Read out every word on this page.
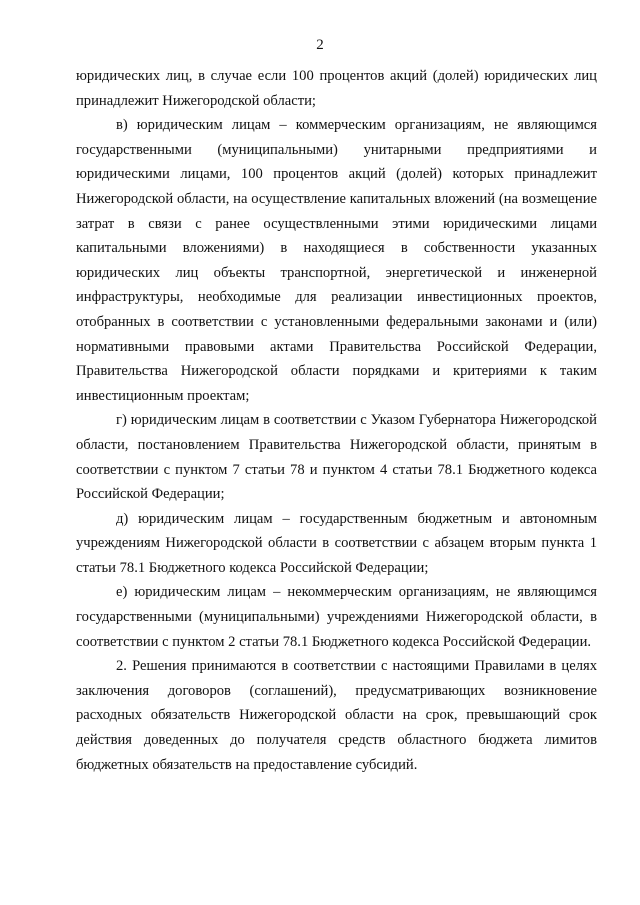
2

юридических лиц, в случае если 100 процентов акций (долей) юридических лиц принадлежит Нижегородской области;

в) юридическим лицам – коммерческим организациям, не являющимся государственными (муниципальными) унитарными предприятиями и юридическими лицами, 100 процентов акций (долей) которых принадлежит Нижегородской области, на осуществление капитальных вложений (на возмещение затрат в связи с ранее осуществленными этими юридическими лицами капитальными вложениями) в находящиеся в собственности указанных юридических лиц объекты транспортной, энергетической и инженерной инфраструктуры, необходимые для реализации инвестиционных проектов, отобранных в соответствии с установленными федеральными законами и (или) нормативными правовыми актами Правительства Российской Федерации, Правительства Нижегородской области порядками и критериями к таким инвестиционным проектам;

г) юридическим лицам в соответствии с Указом Губернатора Нижегородской области, постановлением Правительства Нижегородской области, принятым в соответствии с пунктом 7 статьи 78 и пунктом 4 статьи 78.1 Бюджетного кодекса Российской Федерации;

д) юридическим лицам – государственным бюджетным и автономным учреждениям Нижегородской области в соответствии с абзацем вторым пункта 1 статьи 78.1 Бюджетного кодекса Российской Федерации;

е) юридическим лицам – некоммерческим организациям, не являющимся государственными (муниципальными) учреждениями Нижегородской области, в соответствии с пунктом 2 статьи 78.1 Бюджетного кодекса Российской Федерации.

2. Решения принимаются в соответствии с настоящими Правилами в целях заключения договоров (соглашений), предусматривающих возникновение расходных обязательств Нижегородской области на срок, превышающий срок действия доведенных до получателя средств областного бюджета лимитов бюджетных обязательств на предоставление субсидий.
